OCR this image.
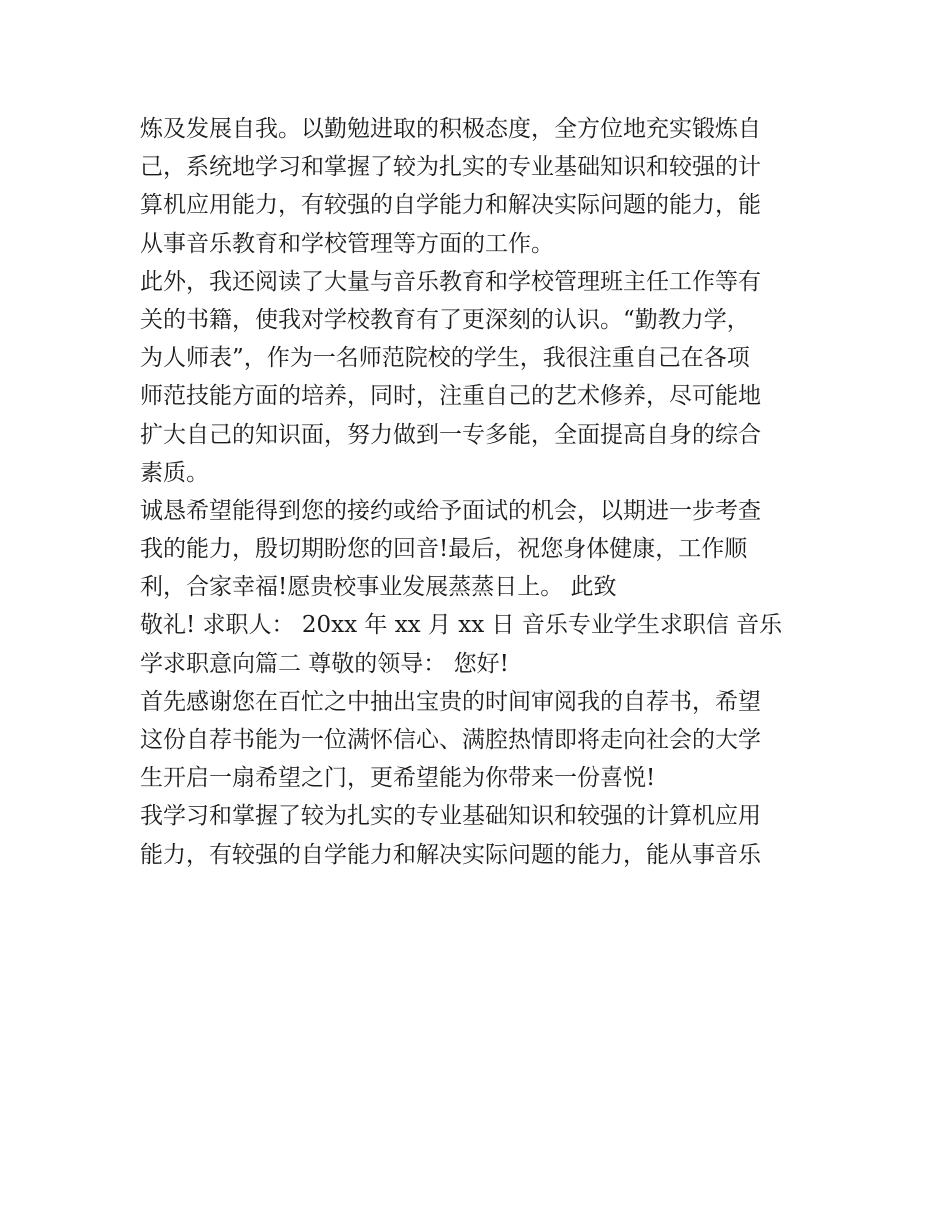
炼及发展自我。以勤勉进取的积极态度，全方位地充实锻炼自

己，系统地学习和掌握了较为扎实的专业基础知识和较强的计

算机应用能力，有较强的自学能力和解决实际问题的能力，能

从事音乐教育和学校管理等方面的工作。

此外，我还阅读了大量与音乐教育和学校管理班主任工作等有

关的书籍，使我对学校教育有了更深刻的认识。“勤教力学，

为人师表”，作为一名师范院校的学生，我很注重自己在各项

师范技能方面的培养，同时，注重自己的艺术修养，尽可能地

扩大自己的知识面，努力做到一专多能，全面提高自身的综合

素质。

诚恳希望能得到您的接约或给予面试的机会，以期进一步考查

我的能力，殷切期盼您的回音!最后，祝您身体健康，工作顺

利，合家幸福!愿贵校事业发展蒸蒸日上。 此致

敬礼! 求职人： 20xx 年 xx 月 xx 日 音乐专业学生求职信 音乐

学求职意向篇二 尊敬的领导： 您好!

首先感谢您在百忙之中抽出宝贵的时间审阅我的自荐书，希望

这份自荐书能为一位满怀信心、满腔热情即将走向社会的大学

生开启一扇希望之门，更希望能为你带来一份喜悦!

我学习和掌握了较为扎实的专业基础知识和较强的计算机应用

能力，有较强的自学能力和解决实际问题的能力，能从事音乐
